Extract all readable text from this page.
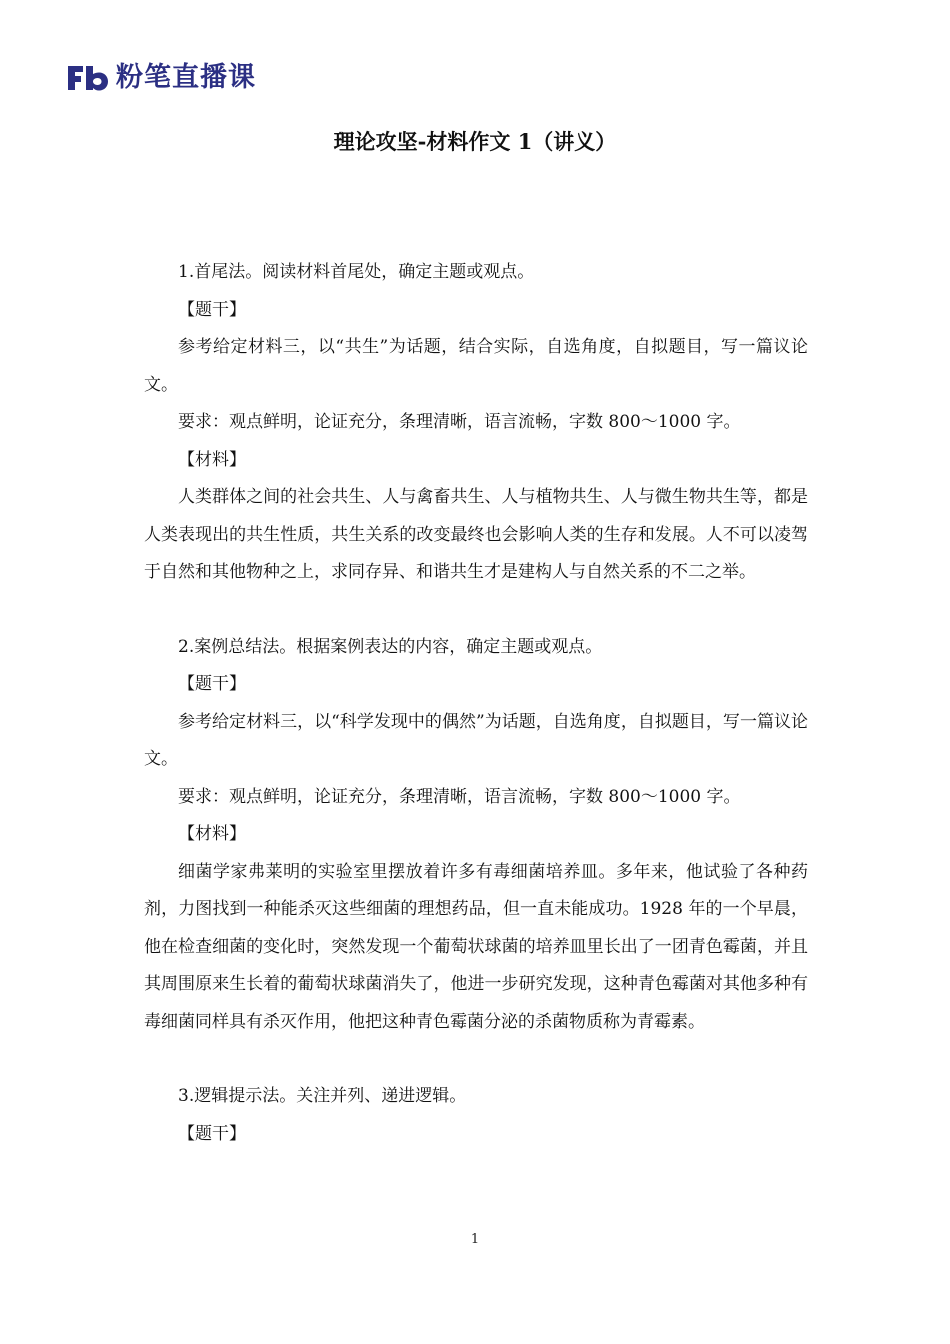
粉笔直播课
理论攻坚-材料作文 1（讲义）

1.首尾法。阅读材料首尾处，确定主题或观点。

【题干】

参考给定材料三，以“共生”为话题，结合实际，自选角度，自拟题目，写一篇议论文。

要求：观点鲜明，论证充分，条理清晰，语言流畅，字数 800～1000 字。

【材料】

人类群体之间的社会共生、人与禽畜共生、人与植物共生、人与微生物共生等，都是人类表现出的共生性质，共生关系的改变最终也会影响人类的生存和发展。人不可以凌驾于自然和其他物种之上，求同存异、和谐共生才是建构人与自然关系的不二之举。

2.案例总结法。根据案例表达的内容，确定主题或观点。

【题干】

参考给定材料三，以“科学发现中的偶然”为话题，自选角度，自拟题目，写一篇议论文。

要求：观点鲜明，论证充分，条理清晰，语言流畅，字数 800～1000 字。

【材料】

细菌学家弗莱明的实验室里摆放着许多有毒细菌培养皿。多年来，他试验了各种药剂，力图找到一种能杀灭这些细菌的理想药品，但一直未能成功。1928 年的一个早晨，他在检查细菌的变化时，突然发现一个葡萄状球菌的培养皿里长出了一团青色霉菌，并且其周围原来生长着的葡萄状球菌消失了，他进一步研究发现，这种青色霉菌对其他多种有毒细菌同样具有杀灭作用，他把这种青色霉菌分泌的杀菌物质称为青霉素。

3.逻辑提示法。关注并列、递进逻辑。

【题干】

1
